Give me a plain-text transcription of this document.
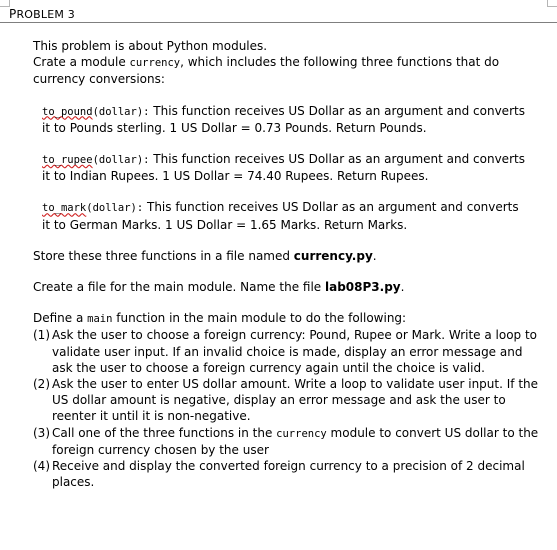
PROBLEM 3

This problem is about Python modules.

Crate a module currency, which includes the following three functions that do

currency conversions:

to_pound(dollar): This function receives US Dollar as an argument and converts

it to Pounds sterling. 1 US Dollar = 0.73 Pounds. Return Pounds.

to_rupee(dollar): This function receives US Dollar as an argument and converts

it to Indian Rupees. 1 US Dollar = 74.40 Rupees. Return Rupees.

to_mark(dollar): This function receives US Dollar as an argument and converts

it to German Marks. 1 US Dollar = 1.65 Marks. Return Marks.

Store these three functions in a file named currency.py.

Create a file for the main module. Name the file lab08P3.py.

Define a main function in the main module to do the following:

(1) Ask the user to choose a foreign currency: Pound, Rupee or Mark. Write a loop to validate user input. If an invalid choice is made, display an error message and ask the user to choose a foreign currency again until the choice is valid.
(2) Ask the user to enter US dollar amount. Write a loop to validate user input. If the US dollar amount is negative, display an error message and ask the user to reenter it until it is non-negative.
(3) Call one of the three functions in the currency module to convert US dollar to the foreign currency chosen by the user
(4) Receive and display the converted foreign currency to a precision of 2 decimal places.
